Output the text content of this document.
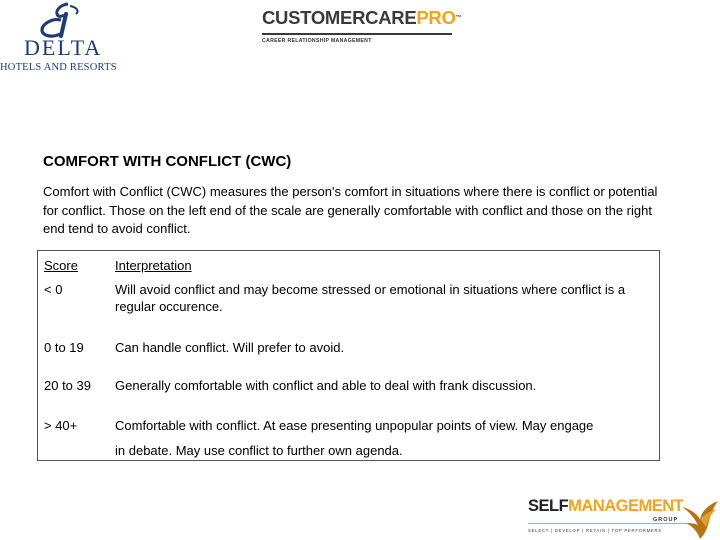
DELTA
HOTELS AND RESORTS
CUSTOMERCAREPRO™
CAREER RELATIONSHIP MANAGEMENT
COMFORT WITH CONFLICT (CWC)
Comfort with Conflict (CWC) measures the person's comfort in situations where there is conflict or potential for conflict. Those on the left end of the scale are generally comfortable with conflict and those on the right end tend to avoid conflict.
Score	Interpretation
< 0	Will avoid conflict and may become stressed or emotional in situations where conflict is a regular occurence.
0 to 19 Can handle conflict. Will prefer to avoid.
20 to 39 Generally comfortable with conflict and able to deal with frank discussion.
> 40+	Comfortable with conflict. At ease presenting unpopular points of view. May engage
in debate. May use conflict to further own agenda.
SELFMANAGEMENT
GROUP
SELECT | DEVELOP | RETAIN | TOP PERFORMERS
